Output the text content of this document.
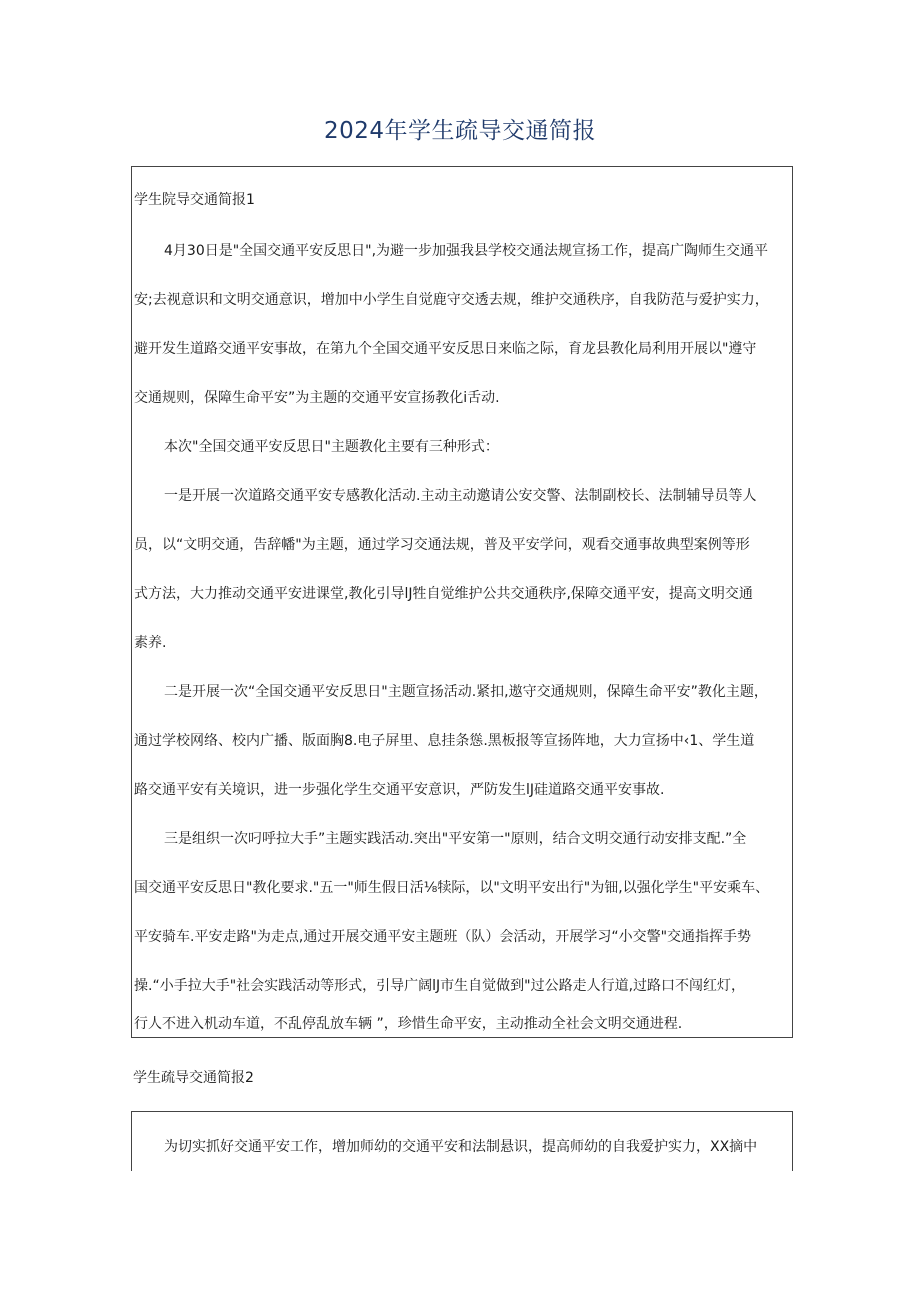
2024年学生疏导交通简报
学生院导交通简报1
4月30日是"全国交通平安反思日",为避一步加强我县学校交通法规宣扬工作，提高广陶师生交通平
安;去视意识和文明交通意识，增加中小学生自觉鹿守交透去规，维护交通秩序，自我防范与爱护实力，
避开发生道路交通平安事故，在第九个全国交通平安反思日来临之际，育龙县教化局利用开展以"遵守
交通规则，保障生命平安”为主题的交通平安宣扬教化i舌动.
本次"全国交通平安反思日"主题教化主要有三种形式：
一是开展一次道路交通平安专感教化活动.主动主动邀请公安交警、法制副校长、法制辅导员等人
员，以“文明交通，告辞幡"为主题，通过学习交通法规，普及平安学问，观看交通事故典型案例等形
式方法，大力推动交通平安进课堂,教化引导lJ牲自觉维护公共交通秩序,保障交通平安，提高文明交通
素养.
二是开展一次“全国交通平安反思日"主题宣扬活动.紧扣,遨守交通规则，保障生命平安”教化主题，
通过学校网络、校内广播、版面胸8.电子屏里、息挂条慫.黑板报等宣扬阵地，大力宣扬中‹1、学生道
路交通平安有关境识，进一步强化学生交通平安意识，严防发生lJ硅道路交通平安事故.
三是组织一次叼呼拉大手”主题实践活动.突出"平安第一"原则，结合文明交通行动安排支配.”全
国交通平安反思日"教化要求."五一"师生假日活⅛犊际，以"文明平安出行"为钿,以强化学生"平安乘车、
平安骑车.平安走路"为走点,通过开展交通平安主题班（队）会活动，开展学习“小交警"交通指挥手势
操.“小手拉大手"社会实践活动等形式，引导广阔lJ市生自觉做到"过公路走人行道,过路口不闯红灯，
行人不进入机动车道，不乱停乱放车辆 ”，珍惜生命平安，主动推动全社会文明交通进程.
学生疏导交通简报2
为切实抓好交通平安工作，增加师幼的交通平安和法制悬识，提高师幼的自我爱护实力，XX摘中
